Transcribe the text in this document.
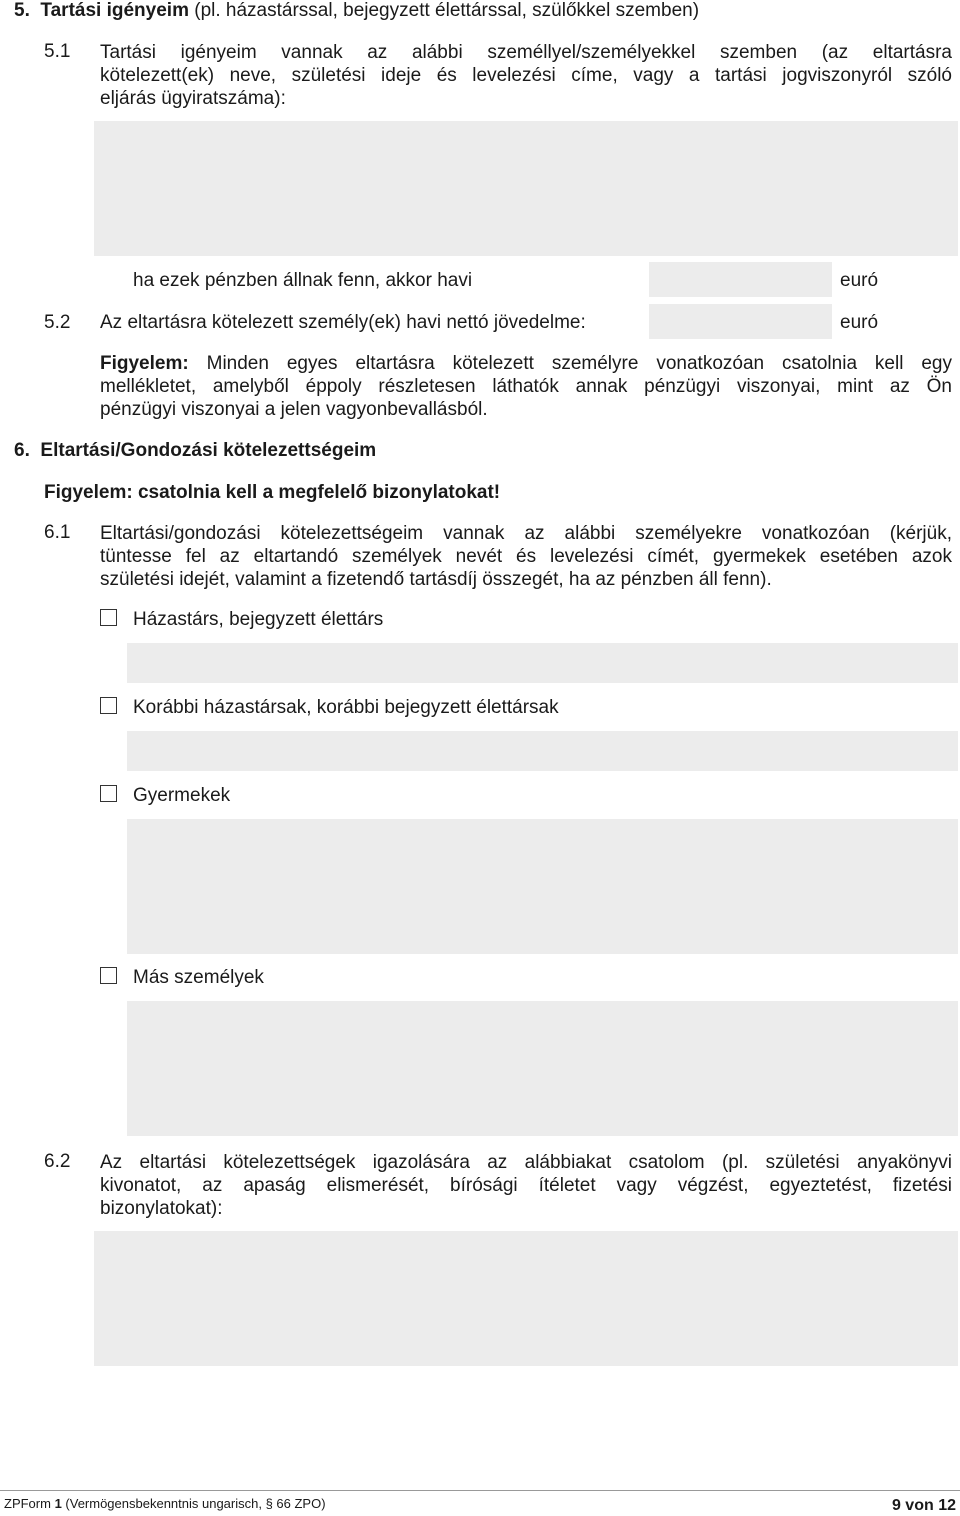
5. Tartási igényeim (pl. házastárssal, bejegyzett élettárssal, szülőkkel szemben)
5.1 Tartási igényeim vannak az alábbi személlyel/személyekkel szemben (az eltartásra
kötelezett(ek) neve, születési ideje és levelezési címe, vagy a tartási jogviszonyról szóló
eljárás ügyiratszáma):
ha ezek pénzben állnak fenn, akkor havi	euró
5.2 Az eltartásra kötelezett személy(ek) havi nettó jövedelme:	euró
Figyelem: Minden egyes eltartásra kötelezett személyre vonatkozóan csatolnia kell egy
mellékletet, amelyből éppoly részletesen láthatók annak pénzügyi viszonyai, mint az Ön
pénzügyi viszonyai a jelen vagyonbevallásból.
6. Eltartási/Gondozási kötelezettségeim
Figyelem: csatolnia kell a megfelelő bizonylatokat!
6.1 Eltartási/gondozási kötelezettségeim vannak az alábbi személyekre vonatkozóan (kérjük,
tüntesse fel az eltartandó személyek nevét és levelezési címét, gyermekek esetében azok
születési idejét, valamint a fizetendő tartásdíj összegét, ha az pénzben áll fenn).
Házastárs, bejegyzett élettárs
Korábbi házastársak, korábbi bejegyzett élettársak
Gyermekek
Más személyek
6.2 Az eltartási kötelezettségek igazolására az alábbiakat csatolom (pl. születési anyakönyvi
kivonatot, az apaság elismerését, bírósági ítéletet vagy végzést, egyeztetést, fizetési
bizonylatokat):
ZPForm 1 (Vermögensbekenntnis ungarisch, § 66 ZPO)	9 von 12
